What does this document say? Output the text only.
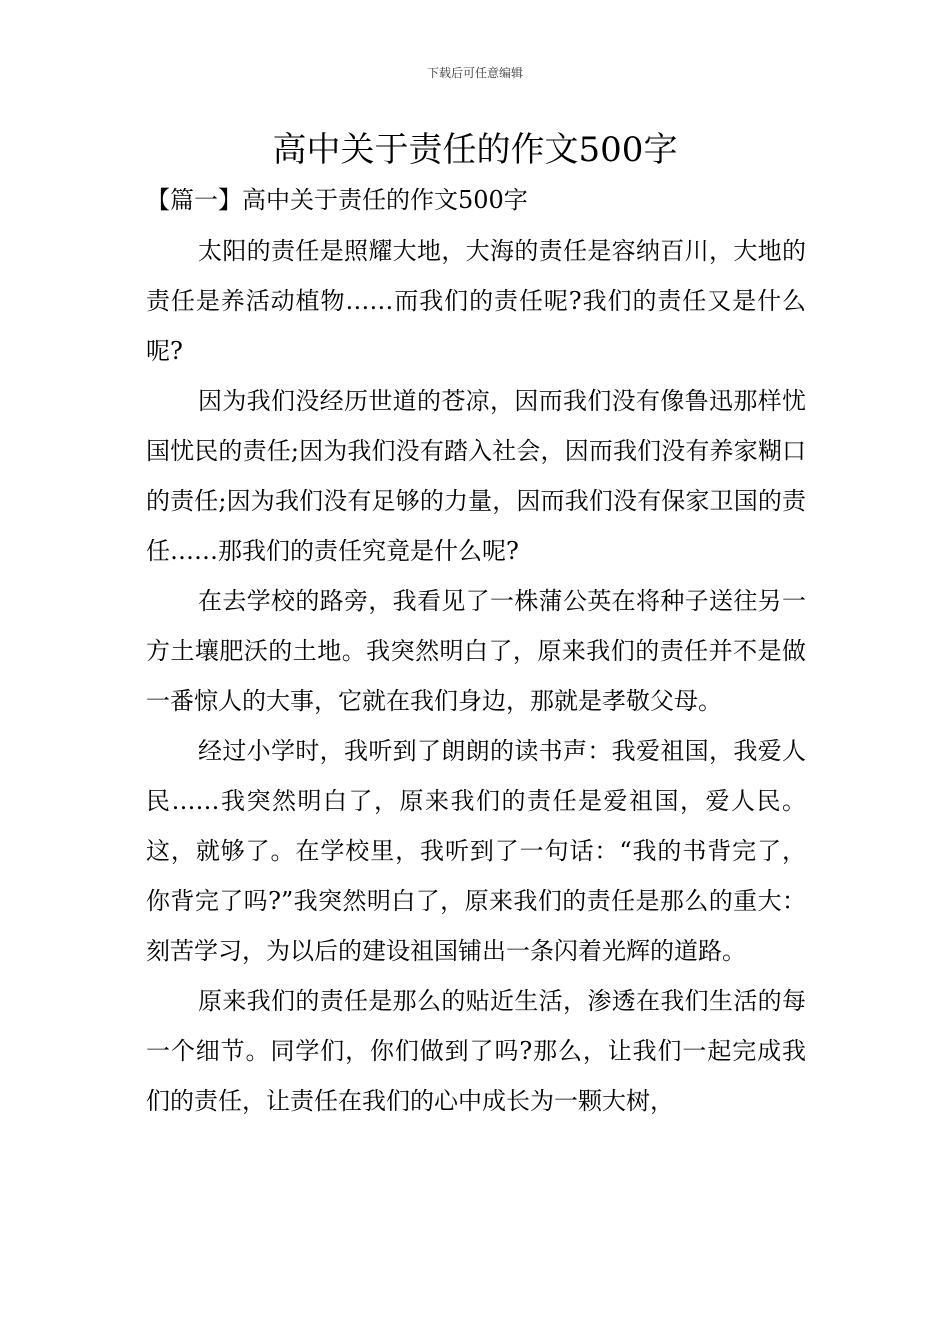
下载后可任意编辑
高中关于责任的作文500字
【篇一】高中关于责任的作文500字

太阳的责任是照耀大地，大海的责任是容纳百川，大地的责任是养活动植物……而我们的责任呢?我们的责任又是什么呢?

因为我们没经历世道的苍凉，因而我们没有像鲁迅那样忧国忧民的责任;因为我们没有踏入社会，因而我们没有养家糊口的责任;因为我们没有足够的力量，因而我们没有保家卫国的责任……那我们的责任究竟是什么呢?

在去学校的路旁，我看见了一株蒲公英在将种子送往另一方土壤肥沃的土地。我突然明白了，原来我们的责任并不是做一番惊人的大事，它就在我们身边，那就是孝敬父母。

经过小学时，我听到了朗朗的读书声：我爱祖国，我爱人民……我突然明白了，原来我们的责任是爱祖国，爱人民。这，就够了。在学校里，我听到了一句话：“我的书背完了，你背完了吗?”我突然明白了，原来我们的责任是那么的重大：刻苦学习，为以后的建设祖国铺出一条闪着光辉的道路。

原来我们的责任是那么的贴近生活，渗透在我们生活的每一个细节。同学们，你们做到了吗?那么，让我们一起完成我们的责任，让责任在我们的心中成长为一颗大树，
